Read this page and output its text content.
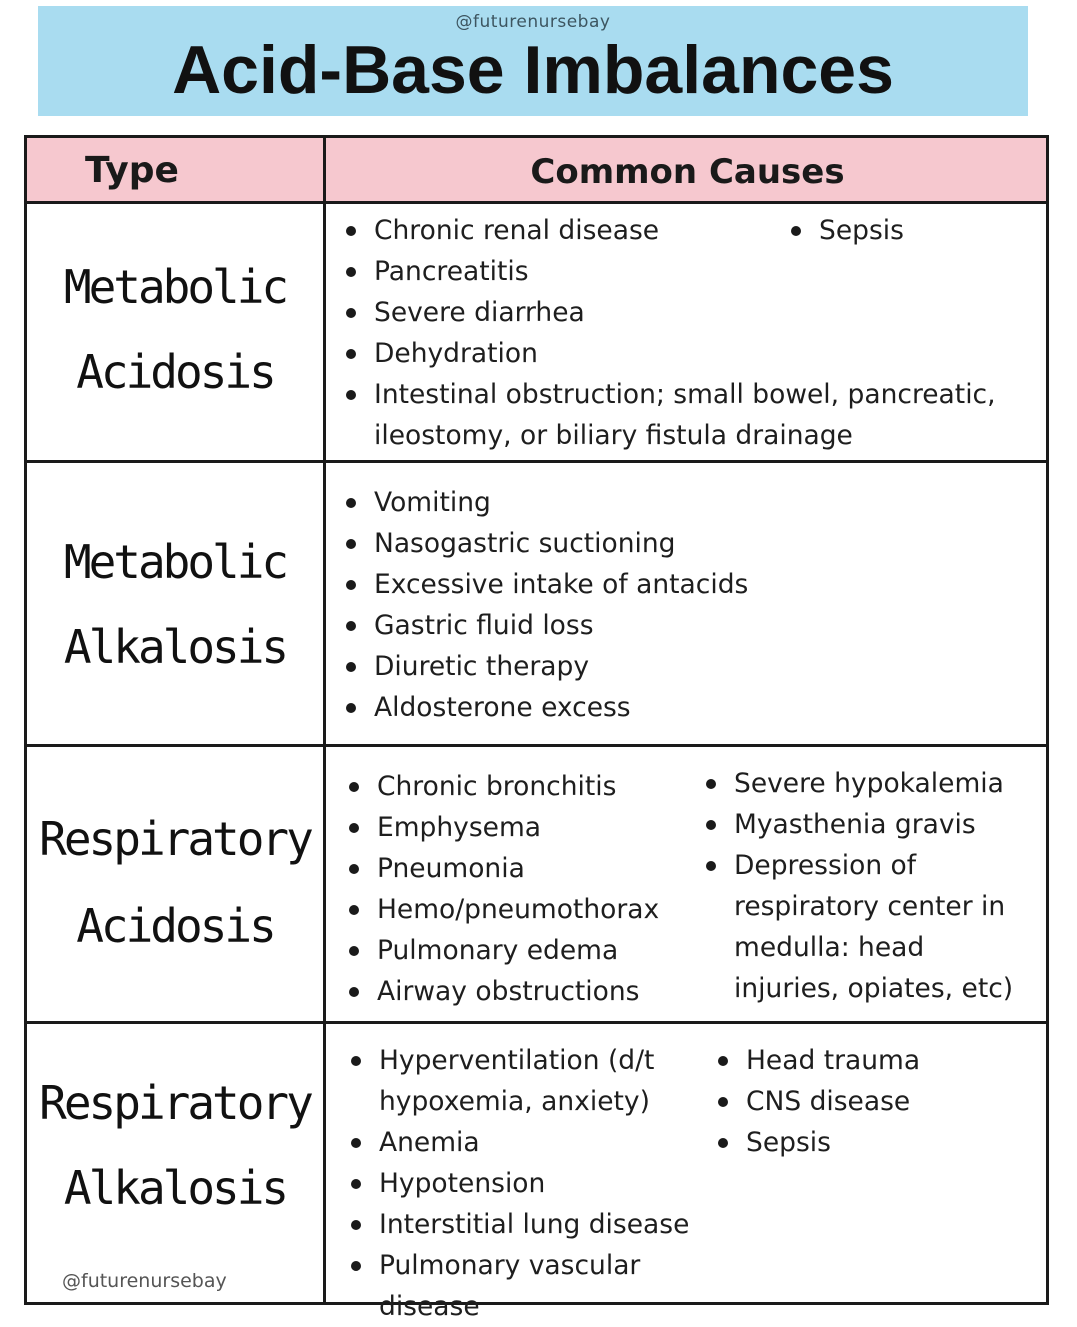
@futurenursebay
Acid-Base Imbalances
Type	Common Causes
Metabolic
Acidosis
Chronic renal disease
Pancreatitis
Severe diarrhea
Dehydration
Intestinal obstruction; small bowel, pancreatic, ileostomy, or biliary fistula drainage
Sepsis
Metabolic
Alkalosis
Vomiting
Nasogastric suctioning
Excessive intake of antacids
Gastric fluid loss
Diuretic therapy
Aldosterone excess
Respiratory
Acidosis
Chronic bronchitis
Emphysema
Pneumonia
Hemo/pneumothorax
Pulmonary edema
Airway obstructions
Severe hypokalemia
Myasthenia gravis
Depression of respiratory center in medulla: head injuries, opiates, etc)
Respiratory
Alkalosis
Hyperventilation (d/t hypoxemia, anxiety)
Anemia
Hypotension
Interstitial lung disease
Pulmonary vascular disease
Head trauma
CNS disease
Sepsis
@futurenursebay
